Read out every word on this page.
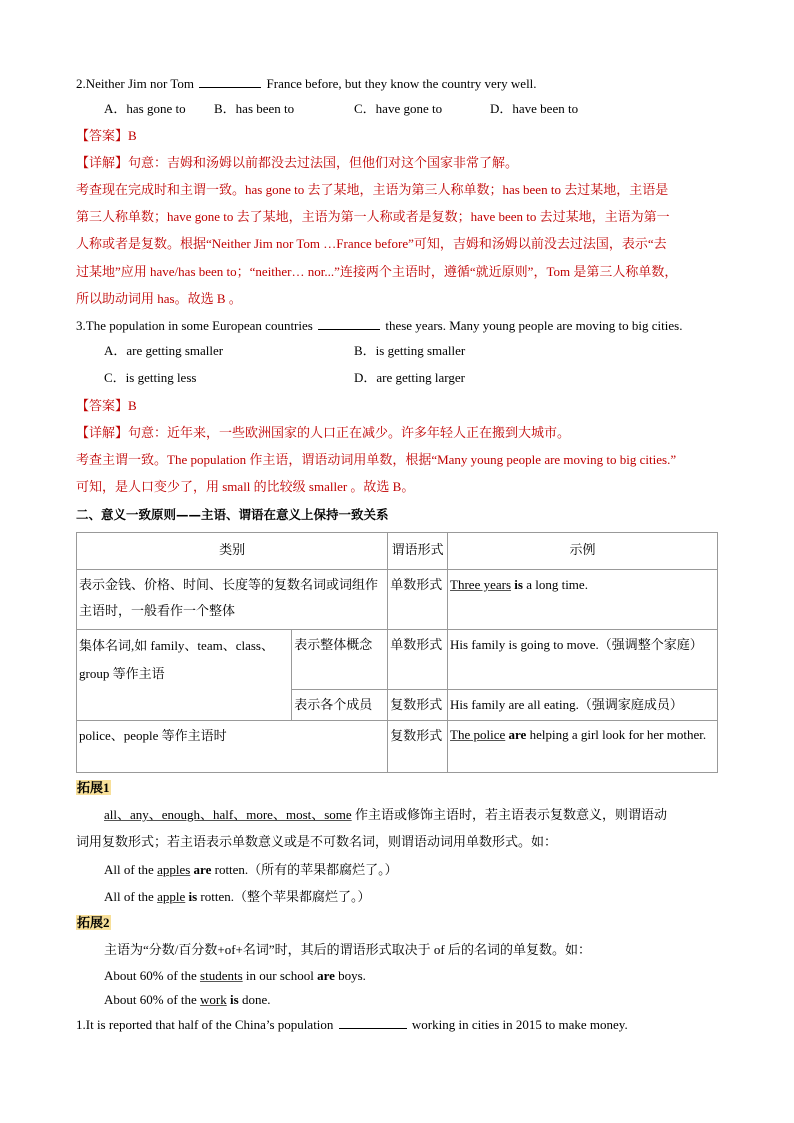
2.Neither Jim nor Tom	France before, but they know the country very well.
A．has gone to B．has been to	C．have gone to	D．have been to
【答案】B
【详解】句意：吉姆和汤姆以前都没去过法国，但他们对这个国家非常了解。
考查现在完成时和主谓一致。has gone to 去了某地，主语为第三人称单数；has been to 去过某地，主语是
第三人称单数；have gone to 去了某地，主语为第一人称或者是复数；have been to 去过某地，主语为第一
人称或者是复数。根据“Neither Jim nor Tom …France before”可知，吉姆和汤姆以前没去过法国，表示“去
过某地”应用 have/has been to；“neither… nor...”连接两个主语时，遵循“就近原则”，Tom 是第三人称单数，
所以助动词用 has。故选 B 。
3.The population in some European countries	these years. Many young people are moving to big cities.
A．are getting smaller	B．is getting smaller
C．is getting less	D．are getting larger
【答案】B
【详解】句意：近年来，一些欧洲国家的人口正在减少。许多年轻人正在搬到大城市。
考查主谓一致。The population 作主语，谓语动词用单数，根据“Many young people are moving to big cities.”
可知，是人口变少了，用 small 的比较级 smaller 。故选 B。
二、意义一致原则——主语、谓语在意义上保持一致关系
类别		谓语形式	示例
表示金钱、价格、时间、长度等的复数名词或词组作主语时，一般看作一个整体		单数形式	Three years is a long time.
集体名词,如 family、team、class、group 等作主语	表示整体概念	单数形式	His family is going to move.（强调整个家庭）
	表示各个成员	复数形式	His family are all eating.（强调家庭成员）
police、people 等作主语时		复数形式	The police are helping a girl look for her mother.
拓展1
all、any、enough、half、more、most、some 作主语或修饰主语时，若主语表示复数意义，则谓语动
词用复数形式；若主语表示单数意义或是不可数名词，则谓语动词用单数形式。如：
All of the apples are rotten.（所有的苹果都腐烂了。）
All of the apple is rotten.（整个苹果都腐烂了。）
拓展2
主语为“分数/百分数+of+名词”时，其后的谓语形式取决于 of 后的名词的单复数。如：
About 60% of the students in our school are boys.
About 60% of the work is done.
1.It is reported that half of the China’s population	working in cities in 2015 to make money.
